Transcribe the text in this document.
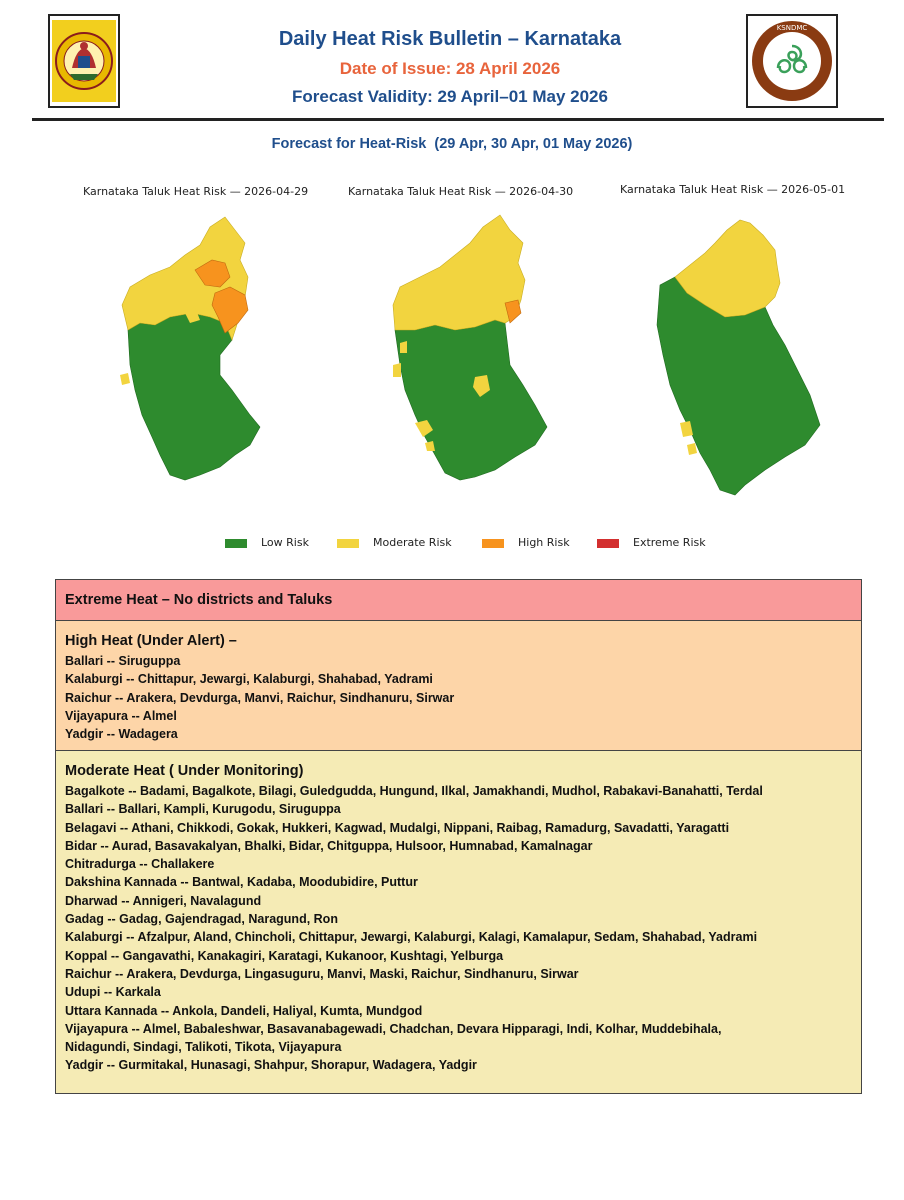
KSNDMC
Daily Heat Risk Bulletin – Karnataka
Date of Issue: 28 April 2026
Forecast Validity: 29 April–01 May 2026
Forecast for Heat-Risk  (29 Apr, 30 Apr, 01 May 2026)
Karnataka Taluk Heat Risk — 2026-04-29	Karnataka Taluk Heat Risk — 2026-04-30	Karnataka Taluk Heat Risk — 2026-05-01
Low Risk	Moderate Risk	High Risk	Extreme Risk
Extreme Heat – No districts and Taluks
High Heat (Under Alert) –
Ballari -- Siruguppa
Kalaburgi -- Chittapur, Jewargi, Kalaburgi, Shahabad, Yadrami
Raichur -- Arakera, Devdurga, Manvi, Raichur, Sindhanuru, Sirwar
Vijayapura -- Almel
Yadgir -- Wadagera
Moderate Heat ( Under Monitoring)
Bagalkote -- Badami, Bagalkote, Bilagi, Guledgudda, Hungund, Ilkal, Jamakhandi, Mudhol, Rabakavi-Banahatti, Terdal
Ballari -- Ballari, Kampli, Kurugodu, Siruguppa
Belagavi -- Athani, Chikkodi, Gokak, Hukkeri, Kagwad, Mudalgi, Nippani, Raibag, Ramadurg, Savadatti, Yaragatti
Bidar -- Aurad, Basavakalyan, Bhalki, Bidar, Chitguppa, Hulsoor, Humnabad, Kamalnagar
Chitradurga -- Challakere
Dakshina Kannada -- Bantwal, Kadaba, Moodubidire, Puttur
Dharwad -- Annigeri, Navalagund
Gadag -- Gadag, Gajendragad, Naragund, Ron
Kalaburgi -- Afzalpur, Aland, Chincholi, Chittapur, Jewargi, Kalaburgi, Kalagi, Kamalapur, Sedam, Shahabad, Yadrami
Koppal -- Gangavathi, Kanakagiri, Karatagi, Kukanoor, Kushtagi, Yelburga
Raichur -- Arakera, Devdurga, Lingasuguru, Manvi, Maski, Raichur, Sindhanuru, Sirwar
Udupi -- Karkala
Uttara Kannada -- Ankola, Dandeli, Haliyal, Kumta, Mundgod
Vijayapura -- Almel, Babaleshwar, Basavanabagewadi, Chadchan, Devara Hipparagi, Indi, Kolhar, Muddebihala,
Nidagundi, Sindagi, Talikoti, Tikota, Vijayapura
Yadgir -- Gurmitakal, Hunasagi, Shahpur, Shorapur, Wadagera, Yadgir
